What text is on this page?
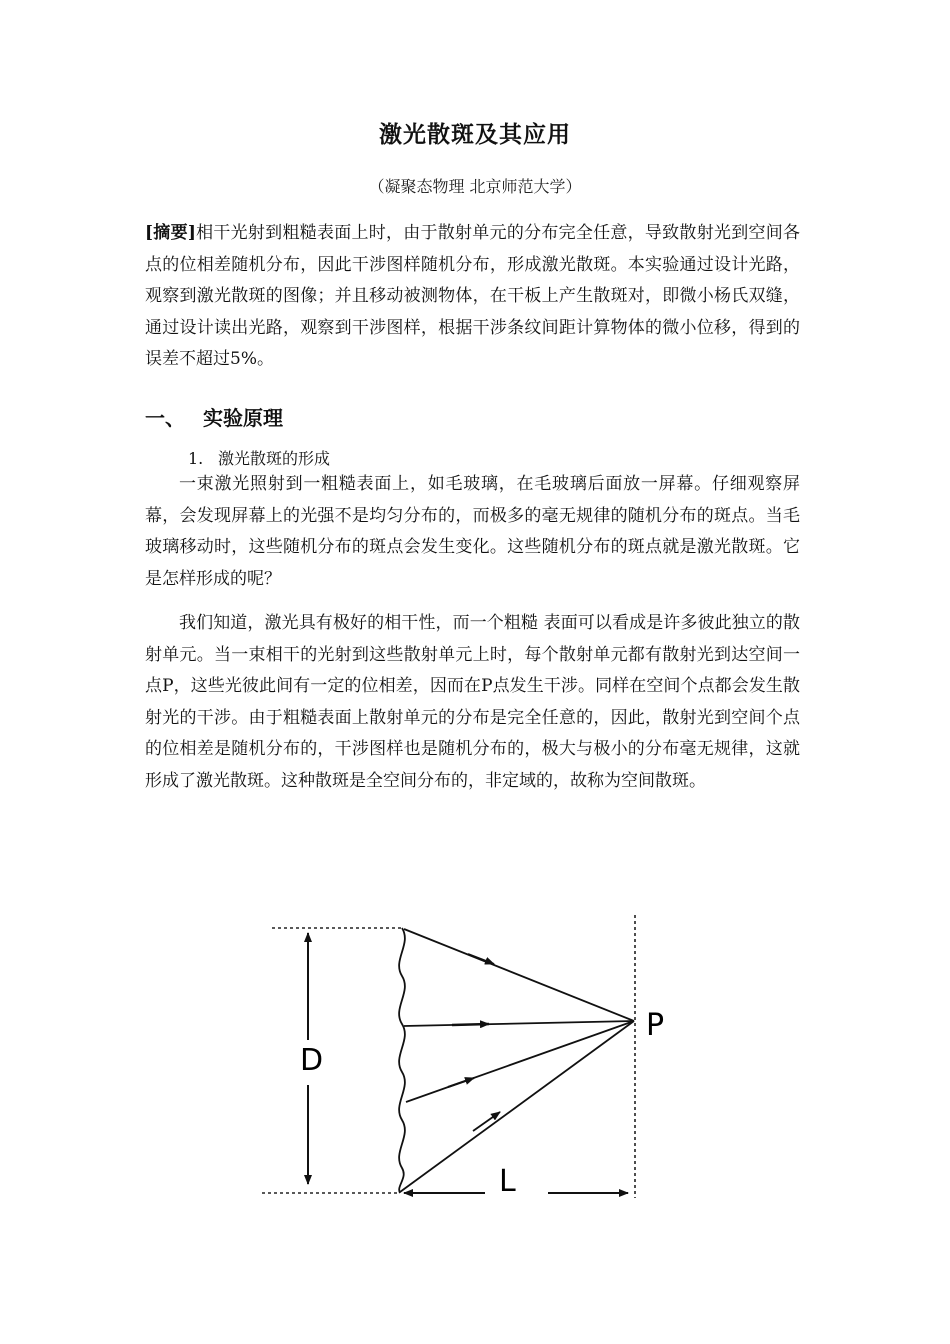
激光散斑及其应用
（凝聚态物理 北京师范大学）
[摘要]相干光射到粗糙表面上时，由于散射单元的分布完全任意，导致散射光到空间各点的位相差随机分布，因此干涉图样随机分布，形成激光散斑。本实验通过设计光路，观察到激光散斑的图像；并且移动被测物体，在干板上产生散斑对，即微小杨氏双缝，通过设计读出光路，观察到干涉图样，根据干涉条纹间距计算物体的微小位移，得到的误差不超过5%。
一、 实验原理
1. 激光散斑的形成
一束激光照射到一粗糙表面上，如毛玻璃，在毛玻璃后面放一屏幕。仔细观察屏幕，会发现屏幕上的光强不是均匀分布的，而极多的毫无规律的随机分布的斑点。当毛玻璃移动时，这些随机分布的斑点会发生变化。这些随机分布的斑点就是激光散斑。它是怎样形成的呢？
我们知道，激光具有极好的相干性，而一个粗糙 表面可以看成是许多彼此独立的散射单元。当一束相干的光射到这些散射单元上时，每个散射单元都有散射光到达空间一点P，这些光彼此间有一定的位相差，因而在P点发生干涉。同样在空间个点都会发生散射光的干涉。由于粗糙表面上散射单元的分布是完全任意的，因此，散射光到空间个点的位相差是随机分布的，干涉图样也是随机分布的，极大与极小的分布毫无规律，这就形成了激光散斑。这种散斑是全空间分布的，非定域的，故称为空间散斑。
D
L
P
